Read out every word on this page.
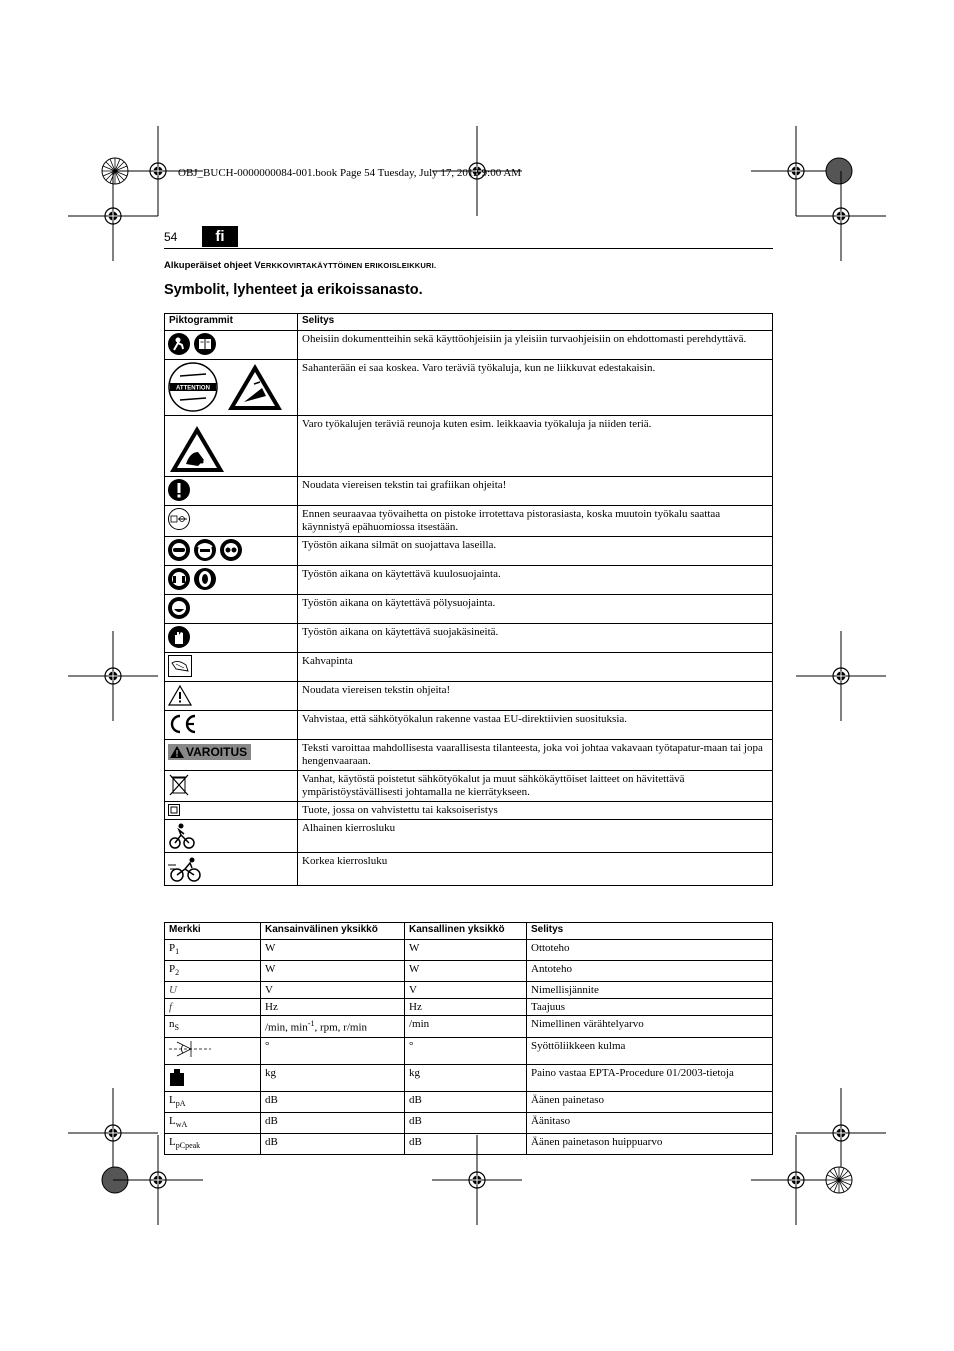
OBJ_BUCH-0000000084-001.book Page 54 Tuesday, July 17, 2012 9:00 AM
54	fi
Alkuperäiset ohjeet VERKKOVIRTAKÄYTTÖINEN ERIKOISLEIKKURI.
Symbolit, lyhenteet ja erikoissanasto.
Piktogrammit	Selitys

	Oheisiin dokumentteihin sekä käyttöohjeisiin ja yleisiin turvaohjeisiin on ehdottomasti perehdyttävä.

ATTENTION	Sahanterään ei saa koskea. Varo teräviä työkaluja, kun ne liikkuvat edestakaisin.

	Varo työkalujen teräviä reunoja kuten esim. leikkaavia työkaluja ja niiden teriä.

	Noudata viereisen tekstin tai grafiikan ohjeita!

	Ennen seuraavaa työvaihetta on pistoke irrotettava pistorasiasta, koska muutoin työkalu saattaa käynnistyä epähuomiossa itsestään.

	Työstön aikana silmät on suojattava laseilla.

	Työstön aikana on käytettävä kuulosuojainta.

	Työstön aikana on käytettävä pölysuojainta.

	Työstön aikana on käytettävä suojakäsineitä.

	Kahvapinta

	Noudata viereisen tekstin ohjeita!

	Vahvistaa, että sähkötyökalun rakenne vastaa EU-direktiivien suosituksia.

VAROITUS	Teksti varoittaa mahdollisesta vaarallisesta tilanteesta, joka voi johtaa vakavaan työtapatur-maan tai jopa hengenvaaraan.

	Vanhat, käytöstä poistetut sähkötyökalut ja muut sähkökäyttöiset laitteet on hävitettävä ympäristöystävällisesti johtamalla ne kierrätykseen.

	Tuote, jossa on vahvistettu tai kaksoiseristys

	Alhainen kierrosluku

	Korkea kierrosluku
Merkki	Kansainvälinen yksikkö	Kansallinen yksikkö	Selitys
$P_1$	W	W	Ottoteho
$P_2$	W	W	Antoteho
U	V	V	Nimellisjännite
f	Hz	Hz	Taajuus
$n_S$	/min, $\min^{-1}$, rpm, r/min	/min	Nimellinen värähtelyarvo
	°	°	Syöttöliikkeen kulma
	kg	kg	Paino vastaa EPTA-Procedure 01/2003-tietoja
$L_{pA}$	dB	dB	Äänen painetaso
$L_{wA}$	dB	dB	Äänitaso
$L_{pCpeak}$	dB	dB	Äänen painetason huippuarvo
